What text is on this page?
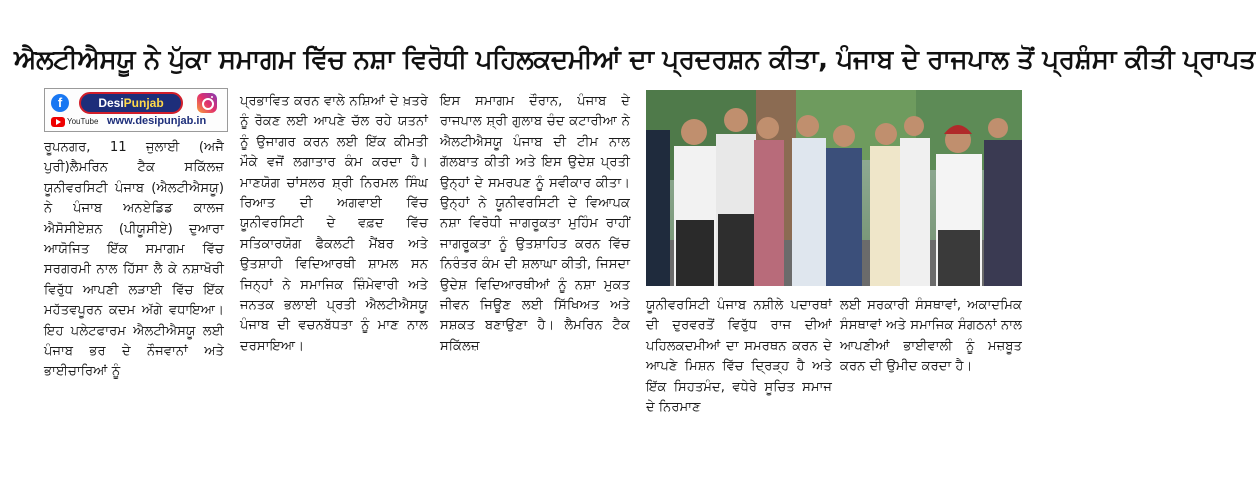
ਐਲਟੀਐਸਯੂ ਨੇ ਪੁੱਕਾ ਸਮਾਗਮ ਵਿੱਚ ਨਸ਼ਾ ਵਿਰੋਧੀ ਪਹਿਲਕਦਮੀਆਂ ਦਾ ਪ੍ਰਦਰਸ਼ਨ ਕੀਤਾ, ਪੰਜਾਬ ਦੇ ਰਾਜਪਾਲ ਤੋਂ ਪ੍ਰਸ਼ੰਸਾ ਕੀਤੀ ਪ੍ਰਾਪਤ
f	DesiPunjab
YouTube www.desipunjab.in

ਰੂਪਨਗਰ, 11 ਜੁਲਾਈ (ਅਜੈ ਪੁਰੀ)ਲੈਮਰਿਨ ਟੈਕ ਸਕਿੱਲਜ਼ ਯੂਨੀਵਰਸਿਟੀ ਪੰਜਾਬ (ਐਲਟੀਐਸਯੂ) ਨੇ ਪੰਜਾਬ ਅਨਏਡਿਡ ਕਾਲਜ ਐਸੋਸੀਏਸ਼ਨ (ਪੀਯੂਸੀਏ) ਦੁਆਰਾ ਆਯੋਜਿਤ ਇੱਕ ਸਮਾਗਮ ਵਿੱਚ ਸਰਗਰਮੀ ਨਾਲ ਹਿੱਸਾ ਲੈ ਕੇ ਨਸ਼ਾਖੋਰੀ ਵਿਰੁੱਧ ਆਪਣੀ ਲੜਾਈ ਵਿੱਚ ਇੱਕ ਮਹੱਤਵਪੂਰਨ ਕਦਮ ਅੱਗੇ ਵਧਾਇਆ। ਇਹ ਪਲੇਟਫਾਰਮ ਐਲਟੀਐਸਯੂ ਲਈ ਪੰਜਾਬ ਭਰ ਦੇ ਨੌਜਵਾਨਾਂ ਅਤੇ ਭਾਈਚਾਰਿਆਂ ਨੂੰ

ਪ੍ਰਭਾਵਿਤ ਕਰਨ ਵਾਲੇ ਨਸ਼ਿਆਂ ਦੇ ਖ਼ਤਰੇ ਨੂੰ ਰੋਕਣ ਲਈ ਆਪਣੇ ਚੱਲ ਰਹੇ ਯਤਨਾਂ ਨੂੰ ਉਜਾਗਰ ਕਰਨ ਲਈ ਇੱਕ ਕੀਮਤੀ ਮੌਕੇ ਵਜੋਂ ਲਗਾਤਾਰ ਕੰਮ ਕਰਦਾ ਹੈ। ਮਾਣਯੋਗ ਚਾਂਸਲਰ ਸ਼੍ਰੀ ਨਿਰਮਲ ਸਿੰਘ ਰਿਆਤ ਦੀ ਅਗਵਾਈ ਵਿੱਚ ਯੂਨੀਵਰਸਿਟੀ ਦੇ ਵਫ਼ਦ ਵਿੱਚ ਸਤਿਕਾਰਯੋਗ ਫੈਕਲਟੀ ਮੈਂਬਰ ਅਤੇ ਉਤਸ਼ਾਹੀ ਵਿਦਿਆਰਥੀ ਸ਼ਾਮਲ ਸਨ ਜਿਨ੍ਹਾਂ ਨੇ ਸਮਾਜਿਕ ਜ਼ਿੰਮੇਵਾਰੀ ਅਤੇ ਜਨਤਕ ਭਲਾਈ ਪ੍ਰਤੀ ਐਲਟੀਐਸਯੂ ਪੰਜਾਬ ਦੀ ਵਚਨਬੱਧਤਾ ਨੂੰ ਮਾਣ ਨਾਲ ਦਰਸਾਇਆ।

ਇਸ ਸਮਾਗਮ ਦੌਰਾਨ, ਪੰਜਾਬ ਦੇ ਰਾਜਪਾਲ ਸ਼੍ਰੀ ਗੁਲਾਬ ਚੰਦ ਕਟਾਰੀਆ ਨੇ ਐਲਟੀਐਸਯੂ ਪੰਜਾਬ ਦੀ ਟੀਮ ਨਾਲ ਗੱਲਬਾਤ ਕੀਤੀ ਅਤੇ ਇਸ ਉਦੇਸ਼ ਪ੍ਰਤੀ ਉਨ੍ਹਾਂ ਦੇ ਸਮਰਪਣ ਨੂੰ ਸਵੀਕਾਰ ਕੀਤਾ। ਉਨ੍ਹਾਂ ਨੇ ਯੂਨੀਵਰਸਿਟੀ ਦੇ ਵਿਆਪਕ ਨਸ਼ਾ ਵਿਰੋਧੀ ਜਾਗਰੂਕਤਾ ਮੁਹਿੰਮ ਰਾਹੀਂ ਜਾਗਰੂਕਤਾ ਨੂੰ ਉਤਸ਼ਾਹਿਤ ਕਰਨ ਵਿੱਚ ਨਿਰੰਤਰ ਕੰਮ ਦੀ ਸ਼ਲਾਘਾ ਕੀਤੀ, ਜਿਸਦਾ ਉਦੇਸ਼ ਵਿਦਿਆਰਥੀਆਂ ਨੂੰ ਨਸ਼ਾ ਮੁਕਤ ਜੀਵਨ ਜਿਊਣ ਲਈ ਸਿੱਖਿਅਤ ਅਤੇ ਸਸ਼ਕਤ ਬਣਾਉਣਾ ਹੈ। ਲੈਮਰਿਨ ਟੈਕ ਸਕਿੱਲਜ਼

ਯੂਨੀਵਰਸਿਟੀ ਪੰਜਾਬ ਨਸ਼ੀਲੇ ਪਦਾਰਥਾਂ ਦੀ ਦੁਰਵਰਤੋਂ ਵਿਰੁੱਧ ਰਾਜ ਦੀਆਂ ਪਹਿਲਕਦਮੀਆਂ ਦਾ ਸਮਰਥਨ ਕਰਨ ਦੇ ਆਪਣੇ ਮਿਸ਼ਨ ਵਿੱਚ ਦ੍ਰਿੜ੍ਹ ਹੈ ਅਤੇ ਇੱਕ ਸਿਹਤਮੰਦ, ਵਧੇਰੇ ਸੂਚਿਤ ਸਮਾਜ ਦੇ ਨਿਰਮਾਣ

ਲਈ ਸਰਕਾਰੀ ਸੰਸਥਾਵਾਂ, ਅਕਾਦਮਿਕ ਸੰਸਥਾਵਾਂ ਅਤੇ ਸਮਾਜਿਕ ਸੰਗਠਨਾਂ ਨਾਲ ਆਪਣੀਆਂ ਭਾਈਵਾਲੀ ਨੂੰ ਮਜ਼ਬੂਤ ਕਰਨ ਦੀ ਉਮੀਦ ਕਰਦਾ ਹੈ।
